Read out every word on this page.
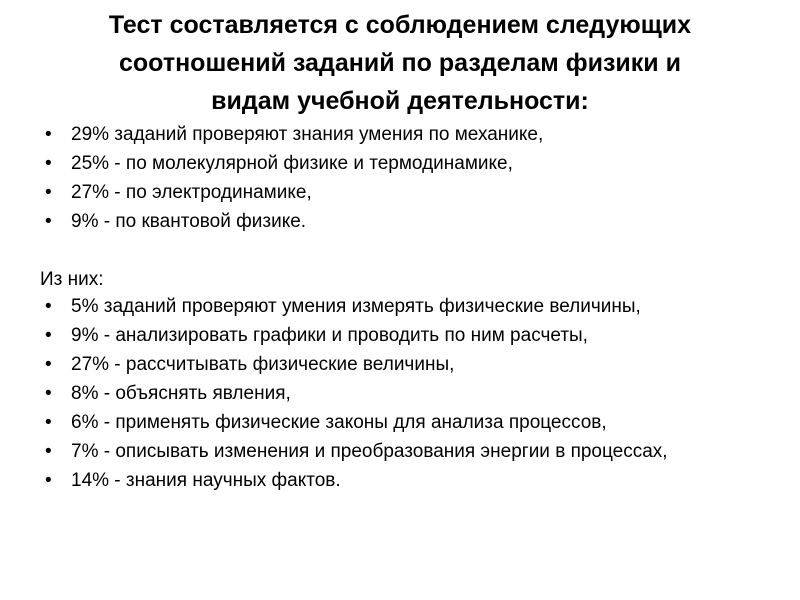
Тест составляется с соблюдением следующих соотношений заданий по разделам физики и видам учебной деятельности:
• 29% заданий проверяют знания умения по механике,
• 25% - по молекулярной физике и термодинамике,
• 27% - по электродинамике,
• 9% - по квантовой физике.

Из них:

• 5% заданий проверяют умения измерять физические величины,
• 9% - анализировать графики и проводить по ним расчеты,
• 27% - рассчитывать физические величины,
• 8% - объяснять явления,
• 6% - применять физические законы для анализа процессов,
• 7% - описывать изменения и преобразования энергии в процессах,
• 14% - знания научных фактов.
